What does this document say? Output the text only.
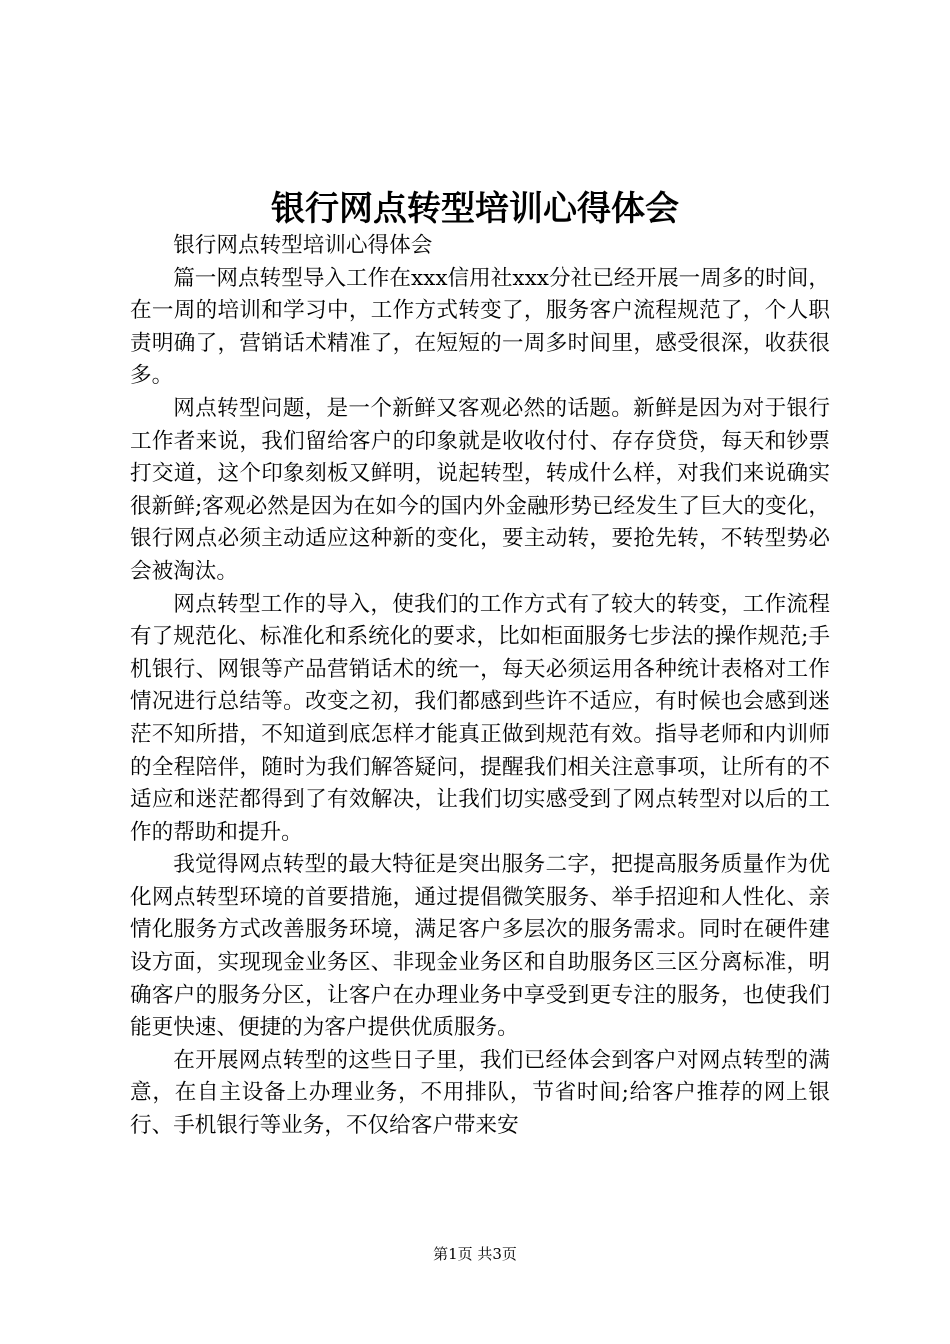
银行网点转型培训心得体会

银行网点转型培训心得体会

篇一网点转型导入工作在xxx信用社xxx分社已经开展一周多的时间，在一周的培训和学习中，工作方式转变了，服务客户流程规范了，个人职责明确了，营销话术精准了，在短短的一周多时间里，感受很深，收获很多。

网点转型问题，是一个新鲜又客观必然的话题。新鲜是因为对于银行工作者来说，我们留给客户的印象就是收收付付、存存贷贷，每天和钞票打交道，这个印象刻板又鲜明，说起转型，转成什么样，对我们来说确实很新鲜;客观必然是因为在如今的国内外金融形势已经发生了巨大的变化，银行网点必须主动适应这种新的变化，要主动转，要抢先转，不转型势必会被淘汰。

网点转型工作的导入，使我们的工作方式有了较大的转变，工作流程有了规范化、标准化和系统化的要求，比如柜面服务七步法的操作规范;手机银行、网银等产品营销话术的统一，每天必须运用各种统计表格对工作情况进行总结等。改变之初，我们都感到些许不适应，有时候也会感到迷茫不知所措，不知道到底怎样才能真正做到规范有效。指导老师和内训师的全程陪伴，随时为我们解答疑问，提醒我们相关注意事项，让所有的不适应和迷茫都得到了有效解决，让我们切实感受到了网点转型对以后的工作的帮助和提升。

我觉得网点转型的最大特征是突出服务二字，把提高服务质量作为优化网点转型环境的首要措施，通过提倡微笑服务、举手招迎和人性化、亲情化服务方式改善服务环境，满足客户多层次的服务需求。同时在硬件建设方面，实现现金业务区、非现金业务区和自助服务区三区分离标准，明确客户的服务分区，让客户在办理业务中享受到更专注的服务，也使我们能更快速、便捷的为客户提供优质服务。

在开展网点转型的这些日子里，我们已经体会到客户对网点转型的满意，在自主设备上办理业务，不用排队，节省时间;给客户推荐的网上银行、手机银行等业务，不仅给客户带来安

第1页 共3页
